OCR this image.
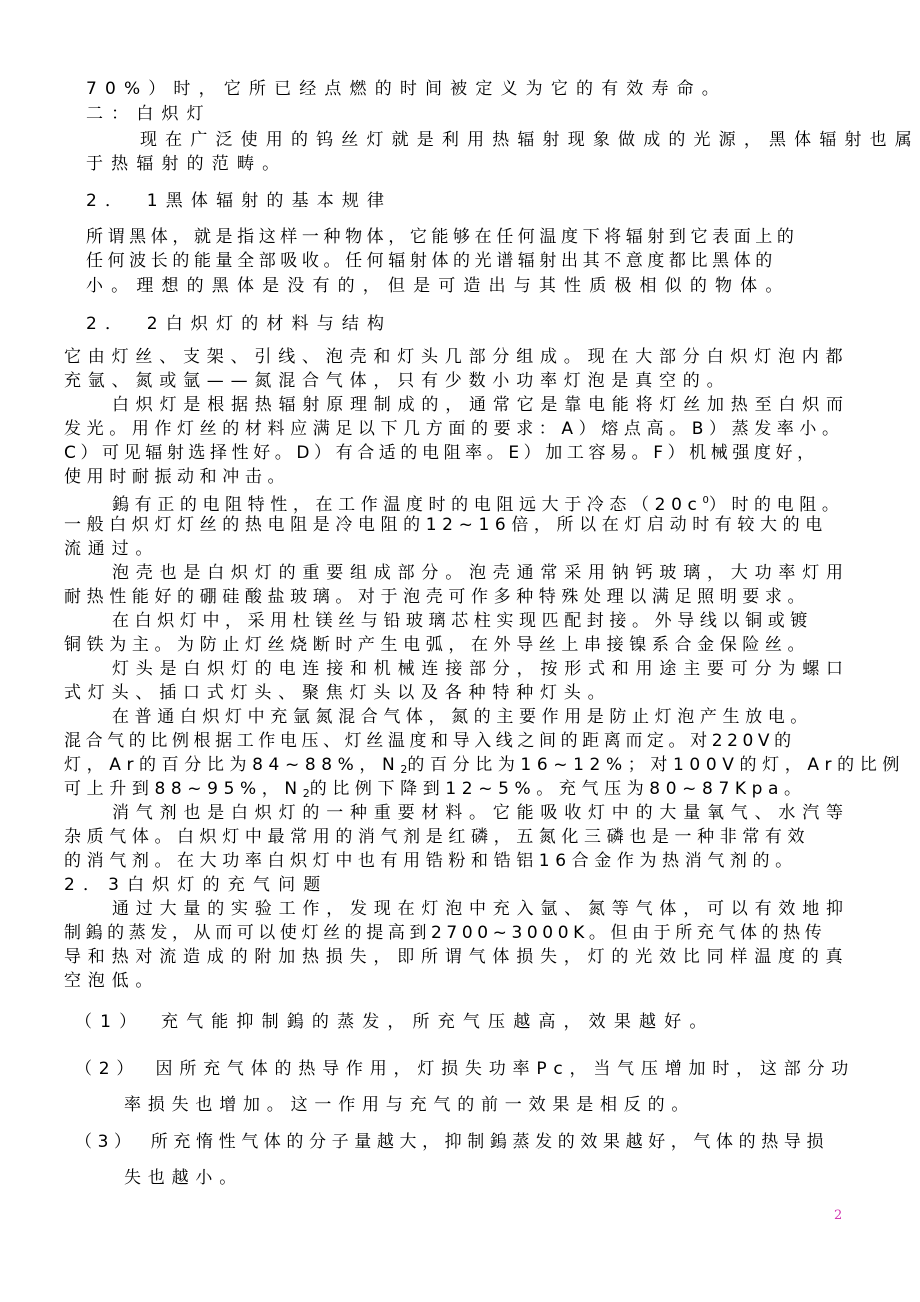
70%）时，它所已经点燃的时间被定义为它的有效寿命。
二：白炽灯
现在广泛使用的钨丝灯就是利用热辐射现象做成的光源，黑体辐射也属
于热辐射的范畴。
2．　1黑体辐射的基本规律
所谓黑体，就是指这样一种物体，它能够在任何温度下将辐射到它表面上的
任何波长的能量全部吸收。任何辐射体的光谱辐射出其不意度都比黑体的
小。理想的黑体是没有的，但是可造出与其性质极相似的物体。
2．　2白炽灯的材料与结构
它由灯丝、支架、引线、泡壳和灯头几部分组成。现在大部分白炽灯泡内都
充氩、氮或氩——氮混合气体，只有少数小功率灯泡是真空的。
白炽灯是根据热辐射原理制成的，通常它是靠电能将灯丝加热至白炽而
发光。用作灯丝的材料应满足以下几方面的要求：A）熔点高。B）蒸发率小。
C）可见辐射选择性好。D）有合适的电阻率。E）加工容易。F）机械强度好，
使用时耐振动和冲击。
鎢有正的电阻特性，在工作温度时的电阻远大于冷态$(20c^0)$时的电阻。
一般白炽灯灯丝的热电阻是冷电阻的12~16倍，所以在灯启动时有较大的电
流通过。
泡壳也是白炽灯的重要组成部分。泡壳通常采用钠钙玻璃，大功率灯用
耐热性能好的硼硅酸盐玻璃。对于泡壳可作多种特殊处理以满足照明要求。
在白炽灯中，采用杜镁丝与铅玻璃芯柱实现匹配封接。外导线以铜或镀
铜铁为主。为防止灯丝烧断时产生电弧，在外导丝上串接镍系合金保险丝。
灯头是白炽灯的电连接和机械连接部分，按形式和用途主要可分为螺口
式灯头、插口式灯头、聚焦灯头以及各种特种灯头。
在普通白炽灯中充氩氮混合气体，氮的主要作用是防止灯泡产生放电。
混合气的比例根据工作电压、灯丝温度和导入线之间的距离而定。对220V的
灯，Ar的百分比为84~88%，$N_2$的百分比为16~12%；对100V的灯，Ar的比例
可上升到88~95%，$N_2$的比例下降到12~5%。充气压为80~87Kpa。
消气剂也是白炽灯的一种重要材料。它能吸收灯中的大量氧气、水汽等
杂质气体。白炽灯中最常用的消气剂是红磷，五氮化三磷也是一种非常有效
的消气剂。在大功率白炽灯中也有用锆粉和锆铝16合金作为热消气剂的。
2．3白炽灯的充气问题
通过大量的实验工作，发现在灯泡中充入氩、氮等气体，可以有效地抑
制鎢的蒸发，从而可以使灯丝的提高到2700~3000K。但由于所充气体的热传
导和热对流造成的附加热损失，即所谓气体损失，灯的光效比同样温度的真
空泡低。
（1）　充气能抑制鎢的蒸发，所充气压越高，效果越好。
（2）　因所充气体的热导作用，灯损失功率Pc，当气压增加时，这部分功
率损失也增加。这一作用与充气的前一效果是相反的。
（3）　所充惰性气体的分子量越大，抑制鎢蒸发的效果越好，气体的热导损
失也越小。
2
